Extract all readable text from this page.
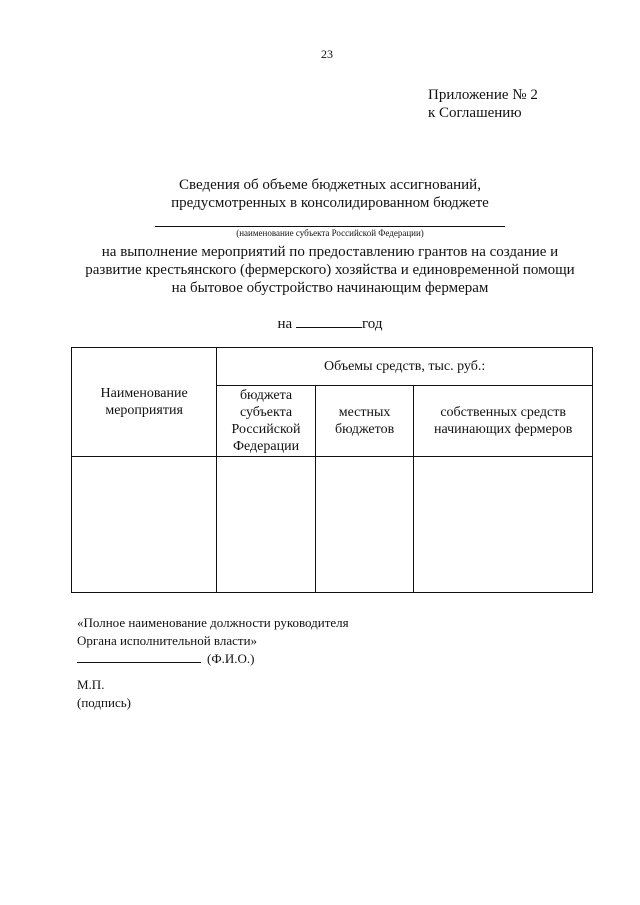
23
Приложение № 2
к Соглашению
Сведения об объеме бюджетных ассигнований,
предусмотренных в консолидированном бюджете
(наименование субъекта Российской Федерации)
на выполнение мероприятий по предоставлению грантов на создание и
развитие крестьянского (фермерского) хозяйства и единовременной помощи
на бытовое обустройство начинающим фермерам
на	год
Наименование мероприятия	Объемы средств, тыс. руб.:		
	бюджета субъекта Российской Федерации	местных бюджетов	собственных средств начинающих фермеров

«Полное наименование должности руководителя
Органа исполнительной власти»
(Ф.И.О.)
М.П.
(подпись)
